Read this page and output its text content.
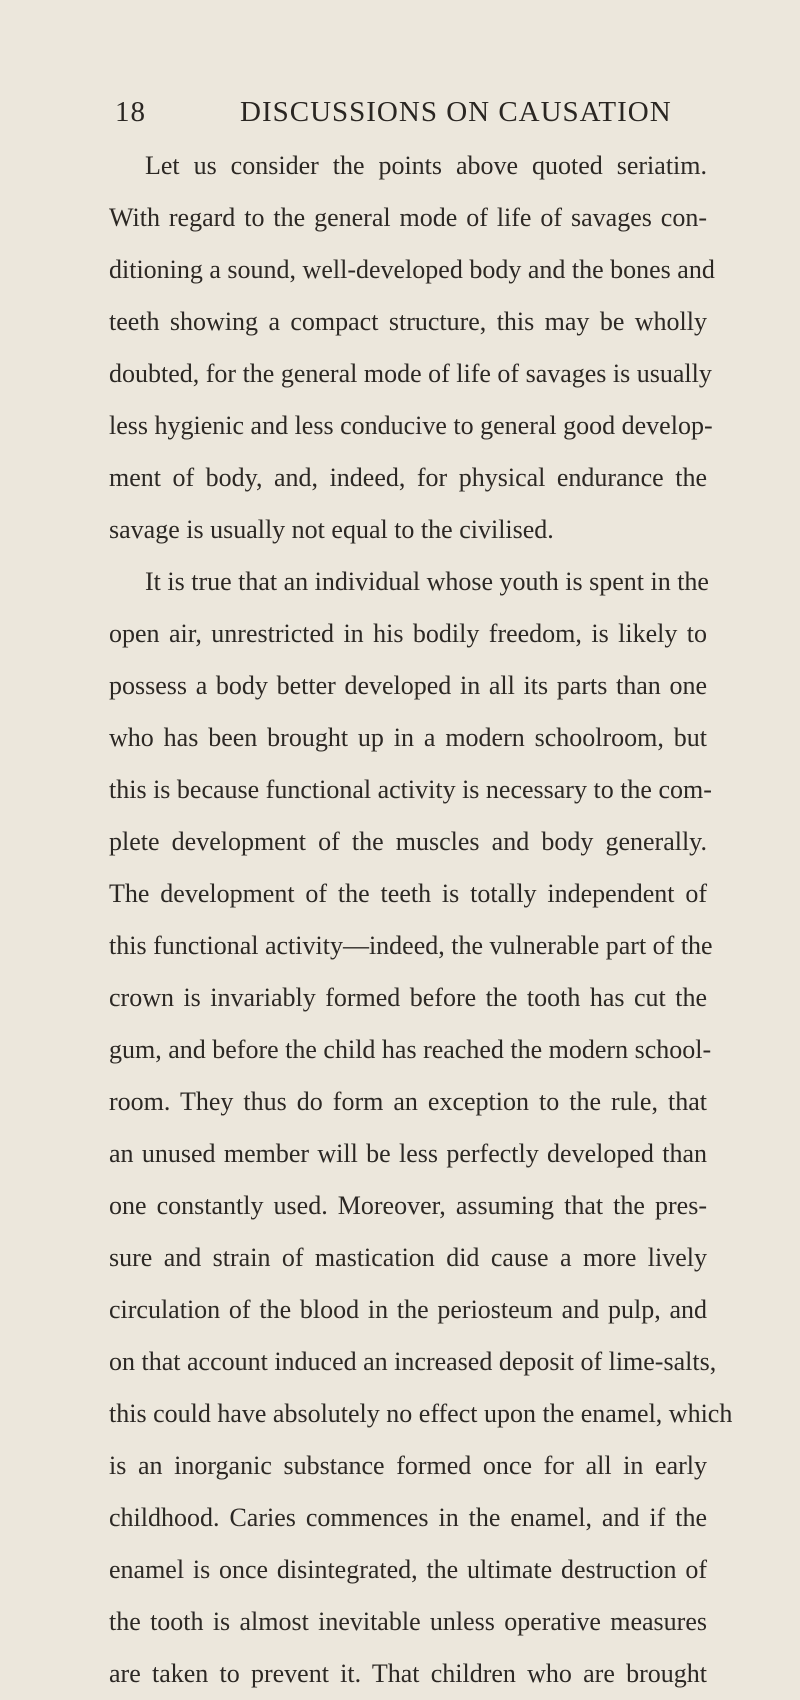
18	DISCUSSIONS ON CAUSATION
Let us consider the points above quoted seriatim.
With regard to the general mode of life of savages con-
ditioning a sound, well-developed body and the bones and
teeth showing a compact structure, this may be wholly
doubted, for the general mode of life of savages is usually
less hygienic and less conducive to general good develop-
ment of body, and, indeed, for physical endurance the
savage is usually not equal to the civilised.
It is true that an individual whose youth is spent in the
open air, unrestricted in his bodily freedom, is likely to
possess a body better developed in all its parts than one
who has been brought up in a modern schoolroom, but
this is because functional activity is necessary to the com-
plete development of the muscles and body generally.
The development of the teeth is totally independent of
this functional activity—indeed, the vulnerable part of the
crown is invariably formed before the tooth has cut the
gum, and before the child has reached the modern school-
room. They thus do form an exception to the rule, that
an unused member will be less perfectly developed than
one constantly used. Moreover, assuming that the pres-
sure and strain of mastication did cause a more lively
circulation of the blood in the periosteum and pulp, and
on that account induced an increased deposit of lime-salts,
this could have absolutely no effect upon the enamel, which
is an inorganic substance formed once for all in early
childhood. Caries commences in the enamel, and if the
enamel is once disintegrated, the ultimate destruction of
the tooth is almost inevitable unless operative measures
are taken to prevent it. That children who are brought
